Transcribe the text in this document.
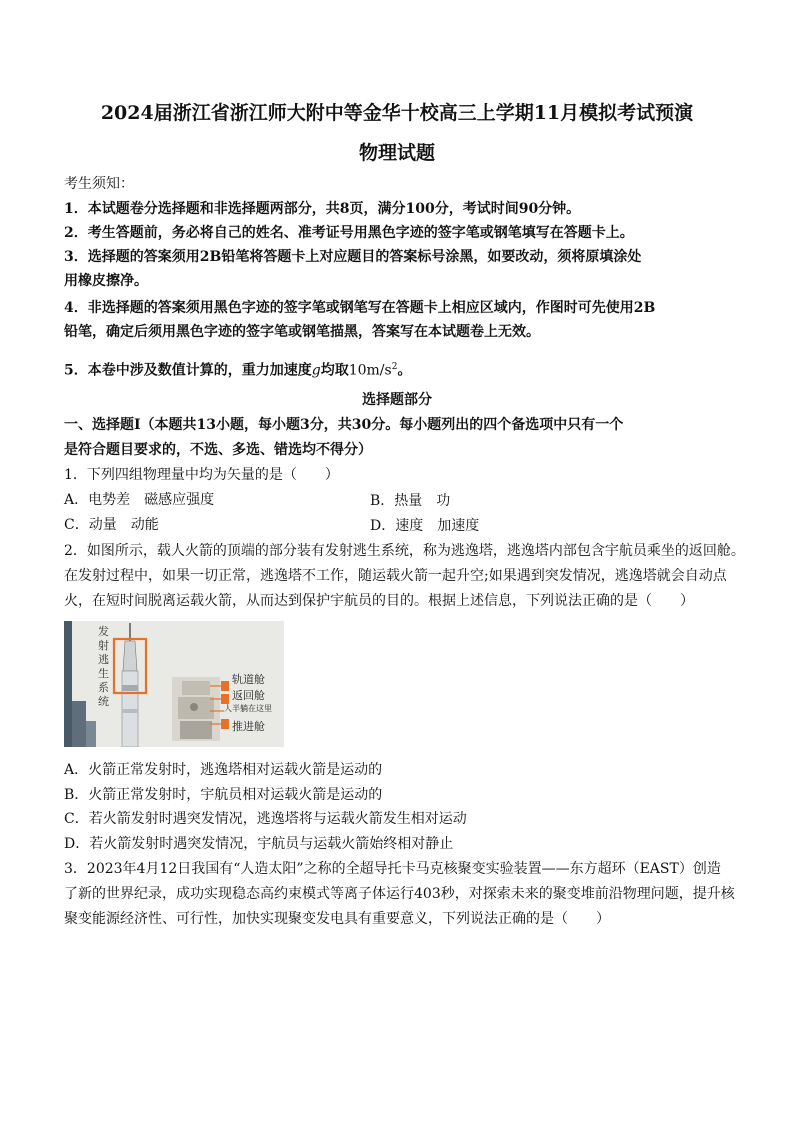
2024届浙江省浙江师大附中等金华十校高三上学期11月模拟考试预演
物理试题
考生须知：
1．本试题卷分选择题和非选择题两部分，共8页，满分100分，考试时间90分钟。
2．考生答题前，务必将自己的姓名、准考证号用黑色字迹的签字笔或钢笔填写在答题卡上。
3．选择题的答案须用2B铅笔将答题卡上对应题目的答案标号涂黑，如要改动，须将原填涂处
用橡皮擦净。
4．非选择题的答案须用黑色字迹的签字笔或钢笔写在答题卡上相应区域内，作图时可先使用2B
铅笔，确定后须用黑色字迹的签字笔或钢笔描黑，答案写在本试题卷上无效。
5．本卷中涉及数值计算的，重力加速度g均取$10m/s^2$。
选择题部分
一、选择题Ⅰ（本题共13小题，每小题3分，共30分。每小题列出的四个备选项中只有一个
是符合题目要求的，不选、多选、错选均不得分）
1．下列四组物理量中均为矢量的是（　　）
A．电势差　磁感应强度	B．热量　功
C．动量　动能	D．速度　加速度
2．如图所示，载人火箭的顶端的部分装有发射逃生系统，称为逃逸塔，逃逸塔内部包含宇航员乘坐的返回舱。
在发射过程中，如果一切正常，逃逸塔不工作，随运载火箭一起升空;如果遇到突发情况，逃逸塔就会自动点
火，在短时间脱离运载火箭，从而达到保护宇航员的目的。根据上述信息，下列说法正确的是（　　）
发
射
逃
生
系
统
轨道舱
返回舱
人半躺在这里
推进舱
A．火箭正常发射时，逃逸塔相对运载火箭是运动的
B．火箭正常发射时，宇航员相对运载火箭是运动的
C．若火箭发射时遇突发情况，逃逸塔将与运载火箭发生相对运动
D．若火箭发射时遇突发情况，宇航员与运载火箭始终相对静止
3．2023年4月12日我国有“人造太阳”之称的全超导托卡马克核聚变实验装置——东方超环（EAST）创造
了新的世界纪录，成功实现稳态高约束模式等离子体运行403秒，对探索未来的聚变堆前沿物理问题，提升核
聚变能源经济性、可行性，加快实现聚变发电具有重要意义，下列说法正确的是（　　）
